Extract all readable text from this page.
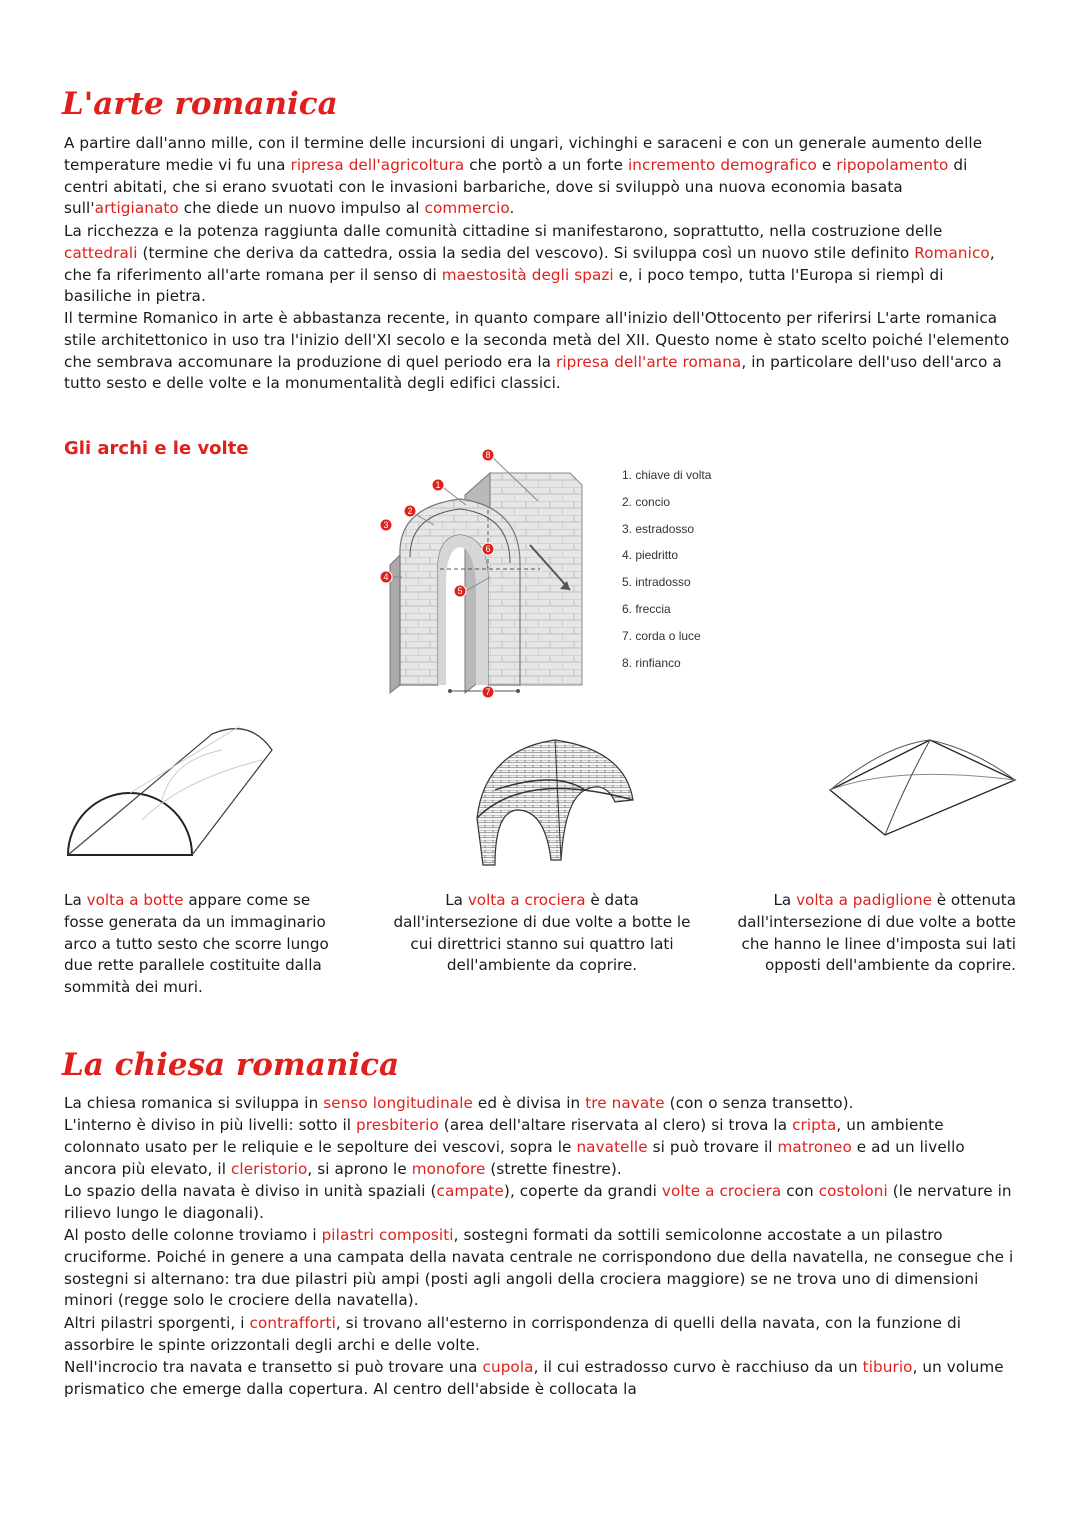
L'arte romanica

A partire dall'anno mille, con il termine delle incursioni di ungari, vichinghi e saraceni e con un generale aumento delle temperature medie vi fu una ripresa dell'agricoltura che portò a un forte incremento demografico e ripopolamento di centri abitati, che si erano svuotati con le invasioni barbariche, dove si sviluppò una nuova economia basata sull'artigianato che diede un nuovo impulso al commercio.

La ricchezza e la potenza raggiunta dalle comunità cittadine si manifestarono, soprattutto, nella costruzione delle cattedrali (termine che deriva da cattedra, ossia la sedia del vescovo). Si sviluppa così un nuovo stile definito Romanico, che fa riferimento all'arte romana per il senso di maestosità degli spazi e, i poco tempo, tutta l'Europa si riempì di basiliche in pietra.

Il termine Romanico in arte è abbastanza recente, in quanto compare all'inizio dell'Ottocento per riferirsi L'arte romanica stile architettonico in uso tra l'inizio dell'XI secolo e la seconda metà del XII. Questo nome è stato scelto poiché l'elemento che sembrava accomunare la produzione di quel periodo era la ripresa dell'arte romana, in particolare dell'uso dell'arco a tutto sesto e delle volte e la monumentalità degli edifici classici.

Gli archi e le volte
1
2
3
4
5
6
7
8
1. chiave di volta
2. concio
3. estradosso
4. piedritto
5. intradosso
6. freccia
7. corda o luce
8. rinfianco

La volta a botte appare come se fosse generata da un immaginario arco a tutto sesto che scorre lungo due rette parallele costituite dalla sommità dei muri.

La volta a crociera è data dall'intersezione di due volte a botte le cui direttrici stanno sui quattro lati dell'ambiente da coprire.

La volta a padiglione è ottenuta dall'intersezione di due volte a botte che hanno le linee d'imposta sui lati opposti dell'ambiente da coprire.

La chiesa romanica

La chiesa romanica si sviluppa in senso longitudinale ed è divisa in tre navate (con o senza transetto).

L'interno è diviso in più livelli: sotto il presbiterio (area dell'altare riservata al clero) si trova la cripta, un ambiente colonnato usato per le reliquie e le sepolture dei vescovi, sopra le navatelle si può trovare il matroneo e ad un livello ancora più elevato, il cleristorio, si aprono le monofore (strette finestre).

Lo spazio della navata è diviso in unità spaziali (campate), coperte da grandi volte a crociera con costoloni (le nervature in rilievo lungo le diagonali).

Al posto delle colonne troviamo i pilastri compositi, sostegni formati da sottili semicolonne accostate a un pilastro cruciforme. Poiché in genere a una campata della navata centrale ne corrispondono due della navatella, ne consegue che i sostegni si alternano: tra due pilastri più ampi (posti agli angoli della crociera maggiore) se ne trova uno di dimensioni minori (regge solo le crociere della navatella).

Altri pilastri sporgenti, i contrafforti, si trovano all'esterno in corrispondenza di quelli della navata, con la funzione di assorbire le spinte orizzontali degli archi e delle volte.

Nell'incrocio tra navata e transetto si può trovare una cupola, il cui estradosso curvo è racchiuso da un tiburio, un volume prismatico che emerge dalla copertura. Al centro dell'abside è collocata la
